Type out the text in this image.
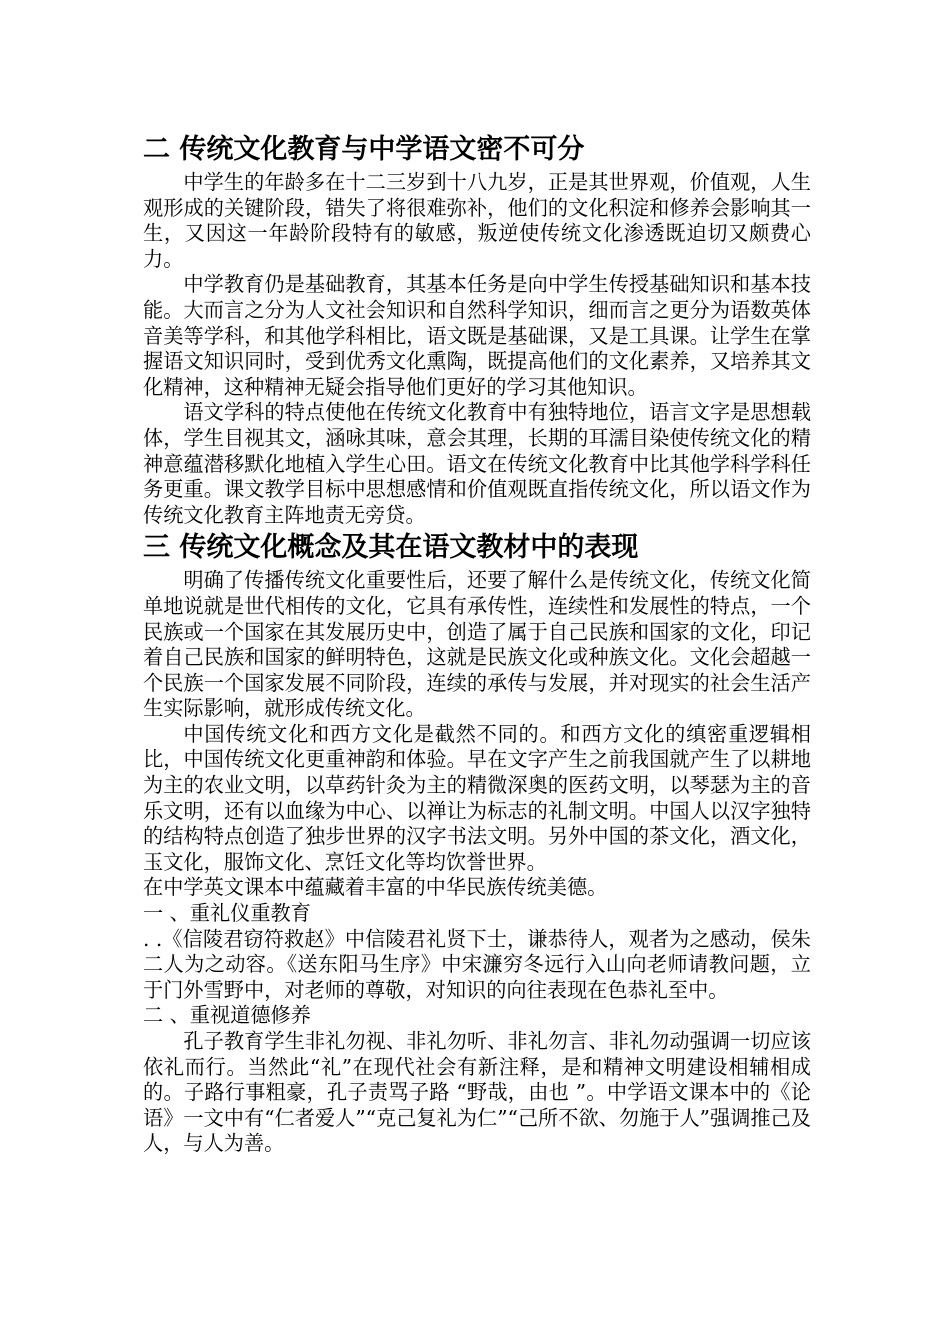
二 传统文化教育与中学语文密不可分

中学生的年龄多在十二三岁到十八九岁，正是其世界观，价值观，人生观形成的关键阶段，错失了将很难弥补，他们的文化积淀和修养会影响其一生，又因这一年龄阶段特有的敏感，叛逆使传统文化渗透既迫切又颇费心力。

中学教育仍是基础教育，其基本任务是向中学生传授基础知识和基本技能。大而言之分为人文社会知识和自然科学知识，细而言之更分为语数英体音美等学科，和其他学科相比，语文既是基础课，又是工具课。让学生在掌握语文知识同时，受到优秀文化熏陶，既提高他们的文化素养，又培养其文化精神，这种精神无疑会指导他们更好的学习其他知识。

语文学科的特点使他在传统文化教育中有独特地位，语言文字是思想载体，学生目视其文，涵咏其味，意会其理，长期的耳濡目染使传统文化的精神意蕴潜移默化地植入学生心田。语文在传统文化教育中比其他学科学科任务更重。课文教学目标中思想感情和价值观既直指传统文化，所以语文作为传统文化教育主阵地责无旁贷。

三 传统文化概念及其在语文教材中的表现

明确了传播传统文化重要性后，还要了解什么是传统文化，传统文化简单地说就是世代相传的文化，它具有承传性，连续性和发展性的特点，一个民族或一个国家在其发展历史中，创造了属于自己民族和国家的文化，印记着自己民族和国家的鲜明特色，这就是民族文化或种族文化。文化会超越一个民族一个国家发展不同阶段，连续的承传与发展，并对现实的社会生活产生实际影响，就形成传统文化。

中国传统文化和西方文化是截然不同的。和西方文化的缜密重逻辑相比，中国传统文化更重神韵和体验。早在文字产生之前我国就产生了以耕地为主的农业文明，以草药针灸为主的精微深奥的医药文明，以琴瑟为主的音乐文明，还有以血缘为中心、以禅让为标志的礼制文明。中国人以汉字独特的结构特点创造了独步世界的汉字书法文明。另外中国的茶文化，酒文化，玉文化，服饰文化、烹饪文化等均饮誉世界。

在中学英文课本中蕴藏着丰富的中华民族传统美德。

一 、重礼仪重教育

. .《信陵君窃符救赵》中信陵君礼贤下士，谦恭待人，观者为之感动，侯朱二人为之动容。《送东阳马生序》中宋濂穷冬远行入山向老师请教问题，立于门外雪野中，对老师的尊敬，对知识的向往表现在色恭礼至中。

二 、重视道德修养

孔子教育学生非礼勿视、非礼勿听、非礼勿言、非礼勿动强调一切应该依礼而行。当然此“礼”在现代社会有新注释，是和精神文明建设相辅相成的。子路行事粗豪，孔子责骂子路 “野哉，由也 ”。中学语文课本中的《论语》一文中有“仁者爱人”“克己复礼为仁”“己所不欲、勿施于人”强调推己及人，与人为善。
